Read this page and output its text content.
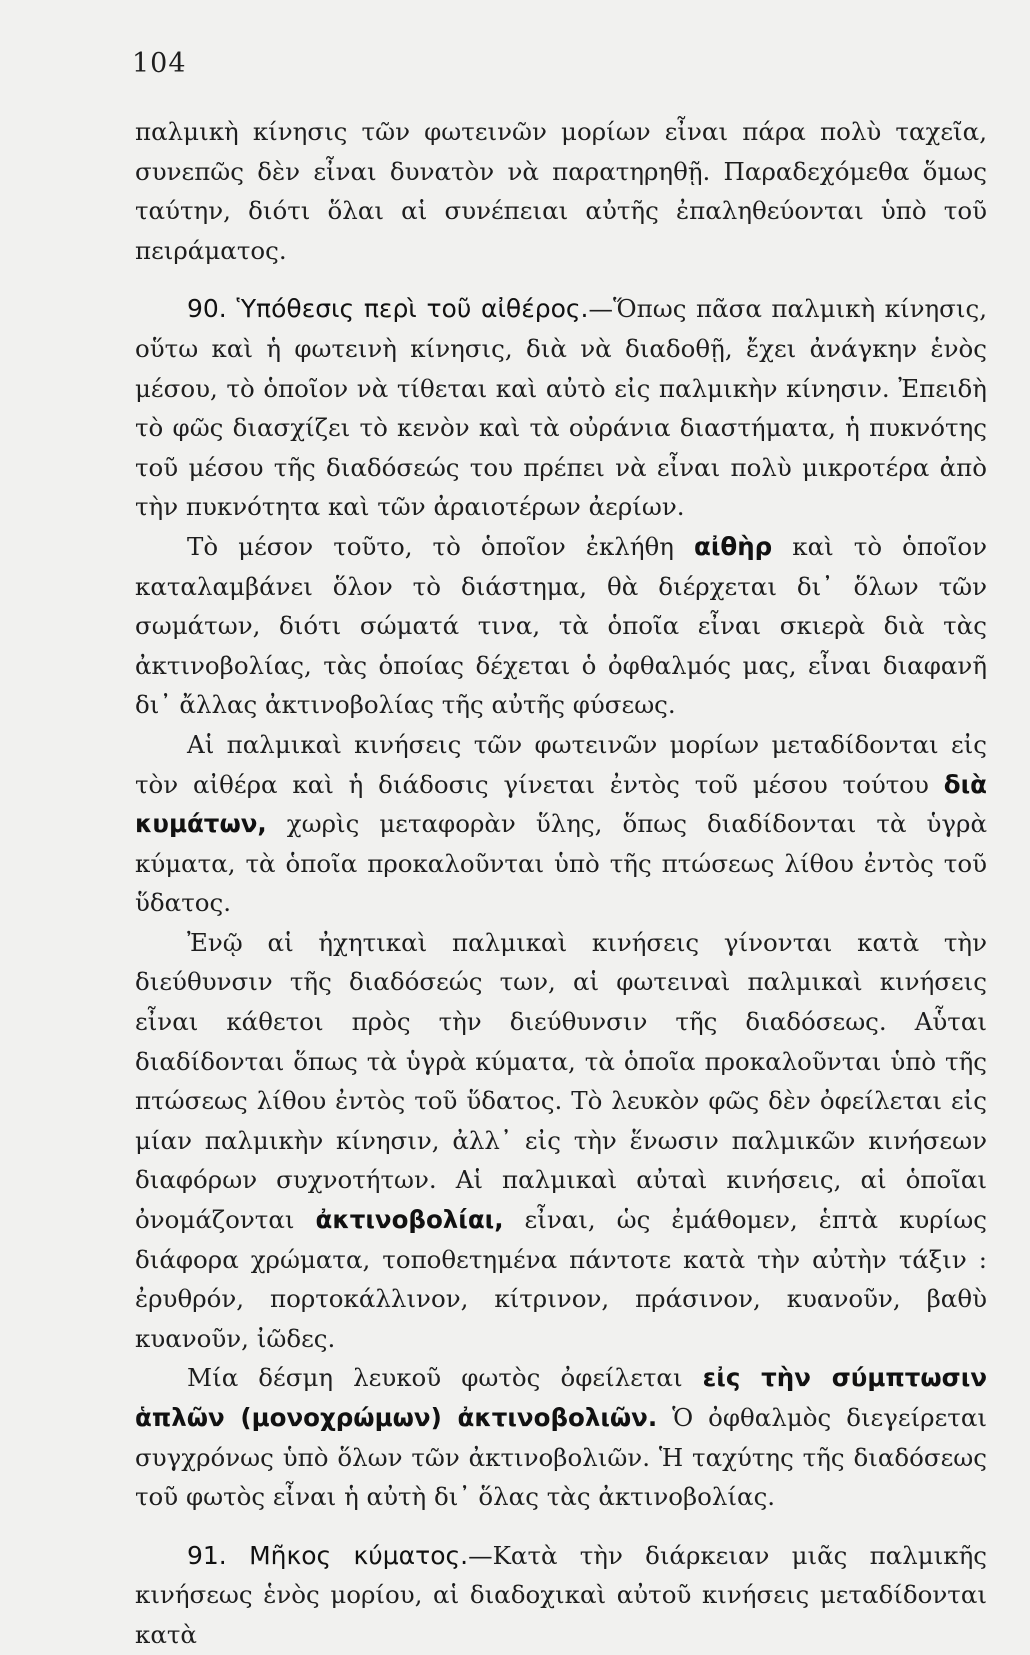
104

παλμικὴ κίνησις τῶν φωτεινῶν μορίων εἶναι πάρα πολὺ ταχεῖα, συνεπῶς δὲν εἶναι δυνατὸν νὰ παρατηρηθῇ. Παραδεχόμεθα ὅμως ταύτην, διότι ὅλαι αἱ συνέπειαι αὐτῆς ἐπαληθεύονται ὑπὸ τοῦ πειράματος.

90. Ὑπόθεσις περὶ τοῦ αἰθέρος.—Ὅπως πᾶσα παλμικὴ κίνησις, οὕτω καὶ ἡ φωτεινὴ κίνησις, διὰ νὰ διαδοθῇ, ἔχει ἀνάγκην ἑνὸς μέσου, τὸ ὁποῖον νὰ τίθεται καὶ αὐτὸ εἰς παλμικὴν κίνησιν. Ἐπειδὴ τὸ φῶς διασχίζει τὸ κενὸν καὶ τὰ οὐράνια διαστήματα, ἡ πυκνότης τοῦ μέσου τῆς διαδόσεώς του πρέπει νὰ εἶναι πολὺ μικροτέρα ἀπὸ τὴν πυκνότητα καὶ τῶν ἀραιοτέρων ἀερίων.

Τὸ μέσον τοῦτο, τὸ ὁποῖον ἐκλήθη αἰθὴρ καὶ τὸ ὁποῖον καταλαμβάνει ὅλον τὸ διάστημα, θὰ διέρχεται δι᾽ ὅλων τῶν σωμάτων, διότι σώματά τινα, τὰ ὁποῖα εἶναι σκιερὰ διὰ τὰς ἀκτινοβολίας, τὰς ὁποίας δέχεται ὁ ὀφθαλμός μας, εἶναι διαφανῆ δι᾽ ἄλλας ἀκτινοβολίας τῆς αὐτῆς φύσεως.

Αἱ παλμικαὶ κινήσεις τῶν φωτεινῶν μορίων μεταδίδονται εἰς τὸν αἰθέρα καὶ ἡ διάδοσις γίνεται ἐντὸς τοῦ μέσου τούτου διὰ κυμάτων, χωρὶς μεταφορὰν ὕλης, ὅπως διαδίδονται τὰ ὑγρὰ κύματα, τὰ ὁποῖα προκαλοῦνται ὑπὸ τῆς πτώσεως λίθου ἐντὸς τοῦ ὕδατος.

Ἐνῷ αἱ ἠχητικαὶ παλμικαὶ κινήσεις γίνονται κατὰ τὴν διεύθυνσιν τῆς διαδόσεώς των, αἱ φωτειναὶ παλμικαὶ κινήσεις εἶναι κάθετοι πρὸς τὴν διεύθυνσιν τῆς διαδόσεως. Αὗται διαδίδονται ὅπως τὰ ὑγρὰ κύματα, τὰ ὁποῖα προκαλοῦνται ὑπὸ τῆς πτώσεως λίθου ἐντὸς τοῦ ὕδατος. Τὸ λευκὸν φῶς δὲν ὀφείλεται εἰς μίαν παλμικὴν κίνησιν, ἀλλ᾽ εἰς τὴν ἕνωσιν παλμικῶν κινήσεων διαφόρων συχνοτήτων. Αἱ παλμικαὶ αὐταὶ κινήσεις, αἱ ὁποῖαι ὀνομάζονται ἀκτινοβολίαι, εἶναι, ὡς ἐμάθομεν, ἑπτὰ κυρίως διάφορα χρώματα, τοποθετημένα πάντοτε κατὰ τὴν αὐτὴν τάξιν : ἐρυθρόν, πορτοκάλλινον, κίτρινον, πράσινον, κυανοῦν, βαθὺ κυανοῦν, ἰῶδες.

Μία δέσμη λευκοῦ φωτὸς ὀφείλεται εἰς τὴν σύμπτωσιν ἁπλῶν (μονοχρώμων) ἀκτινοβολιῶν. Ὁ ὀφθαλμὸς διεγείρεται συγχρόνως ὑπὸ ὅλων τῶν ἀκτινοβολιῶν. Ἡ ταχύτης τῆς διαδόσεως τοῦ φωτὸς εἶναι ἡ αὐτὴ δι᾽ ὅλας τὰς ἀκτινοβολίας.

91. Μῆκος κύματος.—Κατὰ τὴν διάρκειαν μιᾶς παλμικῆς κινήσεως ἑνὸς μορίου, αἱ διαδοχικαὶ αὐτοῦ κινήσεις μεταδίδονται κατὰ
